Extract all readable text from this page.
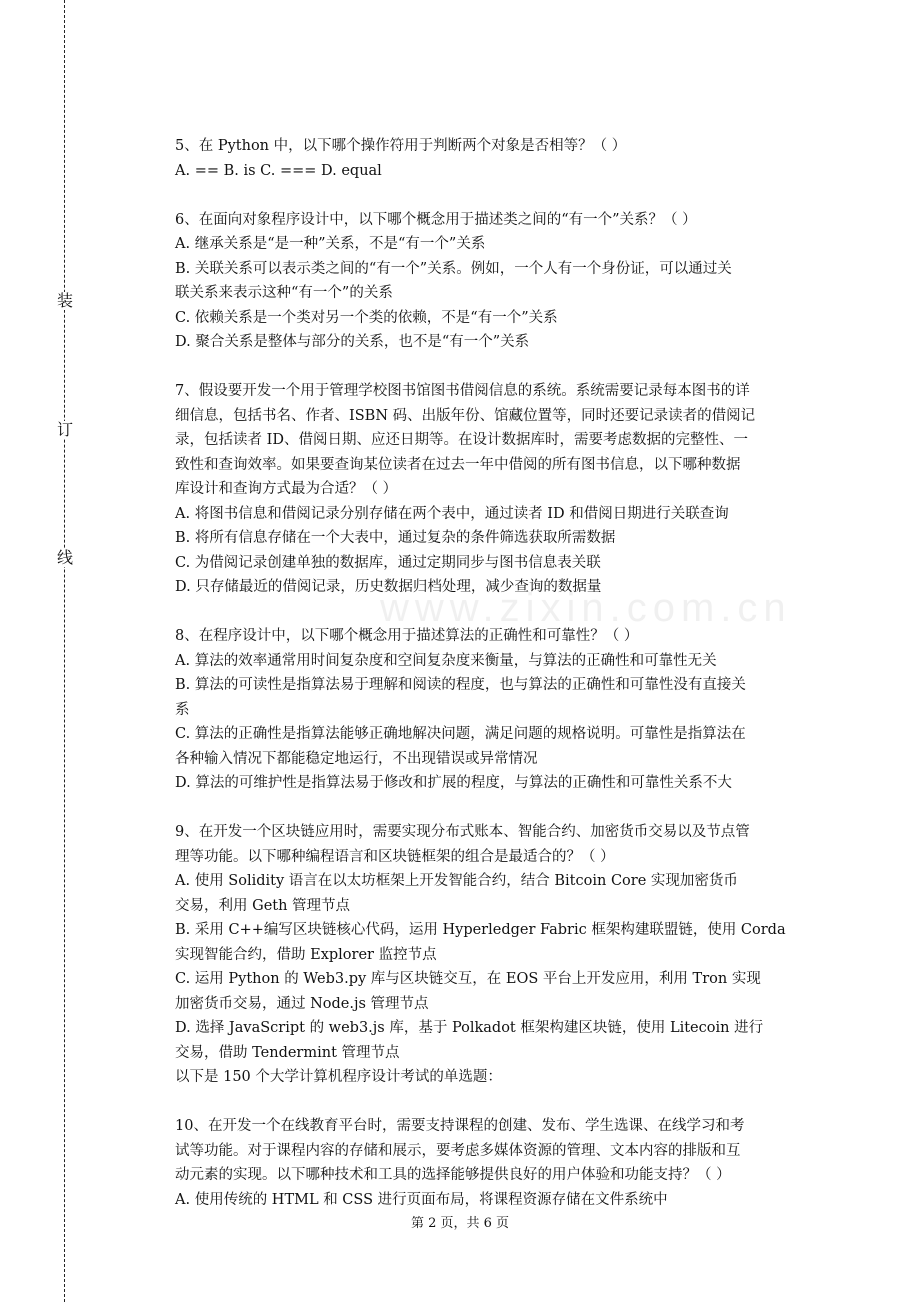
装
订
线
www.zixin.com.cn
5、在 Python 中，以下哪个操作符用于判断两个对象是否相等？（ ）
A. == B. is C. === D. equal
6、在面向对象程序设计中，以下哪个概念用于描述类之间的“有一个”关系？（ ）
A. 继承关系是“是一种”关系，不是“有一个”关系
B. 关联关系可以表示类之间的“有一个”关系。例如，一个人有一个身份证，可以通过关
联关系来表示这种“有一个”的关系
C. 依赖关系是一个类对另一个类的依赖，不是“有一个”关系
D. 聚合关系是整体与部分的关系，也不是“有一个”关系
7、假设要开发一个用于管理学校图书馆图书借阅信息的系统。系统需要记录每本图书的详
细信息，包括书名、作者、ISBN 码、出版年份、馆藏位置等，同时还要记录读者的借阅记
录，包括读者 ID、借阅日期、应还日期等。在设计数据库时，需要考虑数据的完整性、一
致性和查询效率。如果要查询某位读者在过去一年中借阅的所有图书信息，以下哪种数据
库设计和查询方式最为合适？（ ）
A. 将图书信息和借阅记录分别存储在两个表中，通过读者 ID 和借阅日期进行关联查询
B. 将所有信息存储在一个大表中，通过复杂的条件筛选获取所需数据
C. 为借阅记录创建单独的数据库，通过定期同步与图书信息表关联
D. 只存储最近的借阅记录，历史数据归档处理，减少查询的数据量
8、在程序设计中，以下哪个概念用于描述算法的正确性和可靠性？（ ）
A. 算法的效率通常用时间复杂度和空间复杂度来衡量，与算法的正确性和可靠性无关
B. 算法的可读性是指算法易于理解和阅读的程度，也与算法的正确性和可靠性没有直接关
系
C. 算法的正确性是指算法能够正确地解决问题，满足问题的规格说明。可靠性是指算法在
各种输入情况下都能稳定地运行，不出现错误或异常情况
D. 算法的可维护性是指算法易于修改和扩展的程度，与算法的正确性和可靠性关系不大
9、在开发一个区块链应用时，需要实现分布式账本、智能合约、加密货币交易以及节点管
理等功能。以下哪种编程语言和区块链框架的组合是最适合的？（ ）
A. 使用 Solidity 语言在以太坊框架上开发智能合约，结合 Bitcoin Core 实现加密货币
交易，利用 Geth 管理节点
B. 采用 C++编写区块链核心代码，运用 Hyperledger Fabric 框架构建联盟链，使用 Corda
实现智能合约，借助 Explorer 监控节点
C. 运用 Python 的 Web3.py 库与区块链交互，在 EOS 平台上开发应用，利用 Tron 实现
加密货币交易，通过 Node.js 管理节点
D. 选择 JavaScript 的 web3.js 库，基于 Polkadot 框架构建区块链，使用 Litecoin 进行
交易，借助 Tendermint 管理节点
以下是 150 个大学计算机程序设计考试的单选题：
10、在开发一个在线教育平台时，需要支持课程的创建、发布、学生选课、在线学习和考
试等功能。对于课程内容的存储和展示，要考虑多媒体资源的管理、文本内容的排版和互
动元素的实现。以下哪种技术和工具的选择能够提供良好的用户体验和功能支持？（ ）
A. 使用传统的 HTML 和 CSS 进行页面布局，将课程资源存储在文件系统中
第 2 页，共 6 页
